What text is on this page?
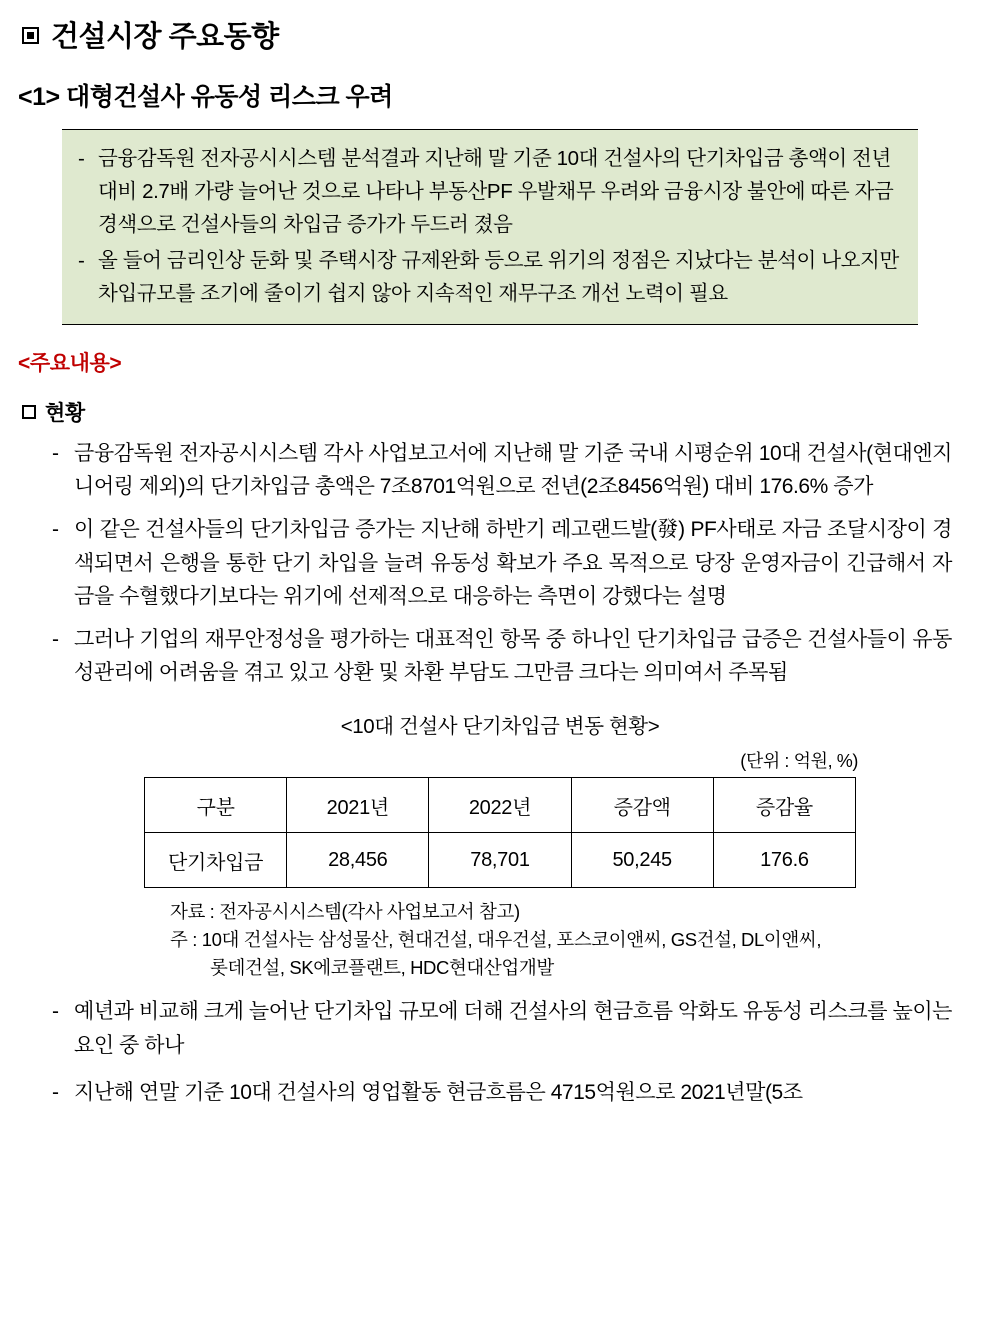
건설시장 주요동향
<1> 대형건설사 유동성 리스크 우려
- 금융감독원 전자공시시스템 분석결과 지난해 말 기준 10대 건설사의 단기차입금 총액이 전년대비 2.7배 가량 늘어난 것으로 나타나 부동산PF 우발채무 우려와 금융시장 불안에 따른 자금경색으로 건설사들의 차입금 증가가 두드러 졌음
- 올 들어 금리인상 둔화 및 주택시장 규제완화 등으로 위기의 정점은 지났다는 분석이 나오지만 차입규모를 조기에 줄이기 쉽지 않아 지속적인 재무구조 개선 노력이 필요
<주요내용>
현황
- 금융감독원 전자공시시스템 각사 사업보고서에 지난해 말 기준 국내 시평순위 10대 건설사(현대엔지니어링 제외)의 단기차입금 총액은 7조8701억원으로 전년(2조8456억원) 대비 176.6% 증가
- 이 같은 건설사들의 단기차입금 증가는 지난해 하반기 레고랜드발(發) PF사태로 자금 조달시장이 경색되면서 은행을 통한 단기 차입을 늘려 유동성 확보가 주요 목적으로 당장 운영자금이 긴급해서 자금을 수혈했다기보다는 위기에 선제적으로 대응하는 측면이 강했다는 설명
- 그러나 기업의 재무안정성을 평가하는 대표적인 항목 중 하나인 단기차입금 급증은 건설사들이 유동성관리에 어려움을 겪고 있고 상환 및 차환 부담도 그만큼 크다는 의미여서 주목됨
<10대 건설사 단기차입금 변동 현황>
(단위 : 억원, %)
구분	2021년	2022년	증감액	증감율
단기차입금	28,456	78,701	50,245	176.6
자료 : 전자공시시스템(각사 사업보고서 참고)
주 : 10대 건설사는 삼성물산, 현대건설, 대우건설, 포스코이앤씨, GS건설, DL이앤씨,
롯데건설, SK에코플랜트, HDC현대산업개발
- 예년과 비교해 크게 늘어난 단기차입 규모에 더해 건설사의 현금흐름 악화도 유동성 리스크를 높이는 요인 중 하나
- 지난해 연말 기준 10대 건설사의 영업활동 현금흐름은 4715억원으로 2021년말(5조
